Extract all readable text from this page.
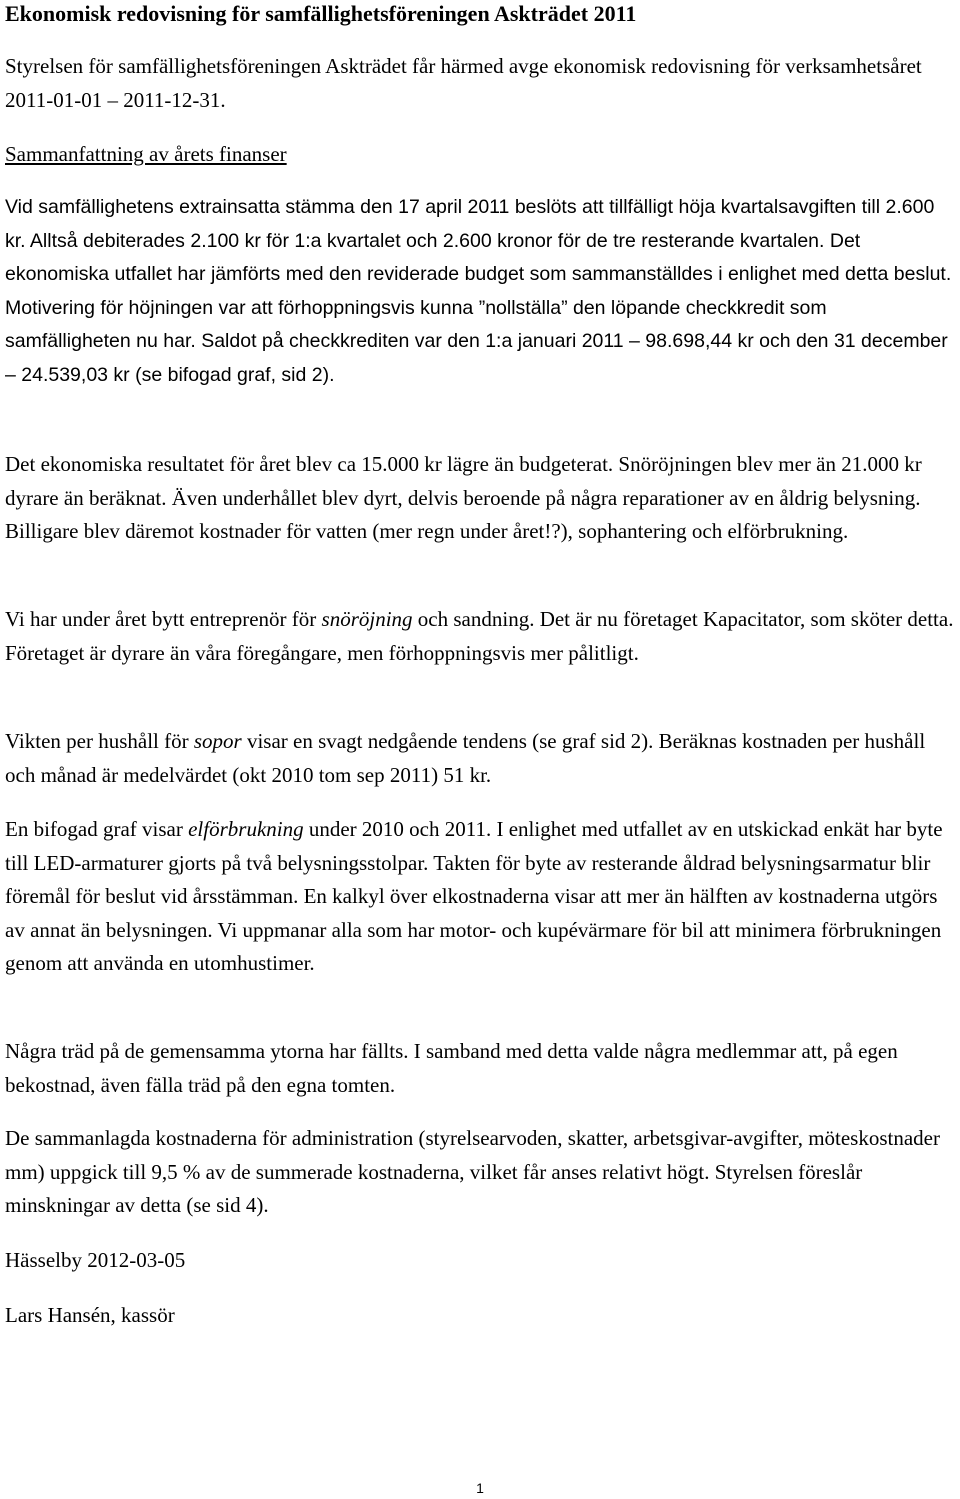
Ekonomisk redovisning för samfällighetsföreningen Askträdet 2011

Styrelsen för samfällighetsföreningen Askträdet får härmed avge ekonomisk redovisning för verksamhetsåret 2011-01-01 – 2011-12-31.

Sammanfattning av årets finanser

Vid samfällighetens extrainsatta stämma den 17 april 2011 beslöts att tillfälligt höja kvartalsavgiften till 2.600 kr. Alltså debiterades 2.100 kr för 1:a kvartalet och 2.600 kronor för de tre resterande kvartalen. Det ekonomiska utfallet har jämförts med den reviderade budget som sammanställdes i enlighet med detta beslut. Motivering för höjningen var att förhoppningsvis kunna ”nollställa” den löpande checkkredit som samfälligheten nu har. Saldot på checkkrediten var den 1:a januari 2011 – 98.698,44 kr och den 31 december – 24.539,03 kr (se bifogad graf, sid 2).

Det ekonomiska resultatet för året blev ca 15.000 kr lägre än budgeterat. Snöröjningen blev mer än 21.000 kr dyrare än beräknat. Även underhållet blev dyrt, delvis beroende på några reparationer av en åldrig belysning. Billigare blev däremot kostnader för vatten (mer regn under året!?), sophantering och elförbrukning.

Vi har under året bytt entreprenör för snöröjning och sandning. Det är nu företaget Kapacitator, som sköter detta. Företaget är dyrare än våra föregångare, men förhoppningsvis mer pålitligt.

Vikten per hushåll för sopor visar en svagt nedgående tendens (se graf sid 2). Beräknas kostnaden per hushåll och månad är medelvärdet (okt 2010 tom sep 2011) 51 kr.

En bifogad graf visar elförbrukning under 2010 och 2011. I enlighet med utfallet av en utskickad enkät har byte till LED-armaturer gjorts på två belysningsstolpar. Takten för byte av resterande åldrad belysningsarmatur blir föremål för beslut vid årsstämman. En kalkyl över elkostnaderna visar att mer än hälften av kostnaderna utgörs av annat än belysningen. Vi uppmanar alla som har motor- och kupévärmare för bil att minimera förbrukningen genom att använda en utomhustimer.

Några träd på de gemensamma ytorna har fällts. I samband med detta valde några medlemmar att, på egen bekostnad, även fälla träd på den egna tomten.

De sammanlagda kostnaderna för administration (styrelsearvoden, skatter, arbetsgivar-avgifter, möteskostnader mm) uppgick till 9,5 % av de summerade kostnaderna, vilket får anses relativt högt. Styrelsen föreslår minskningar av detta (se sid 4).

Hässelby 2012-03-05

Lars Hansén, kassör

1
